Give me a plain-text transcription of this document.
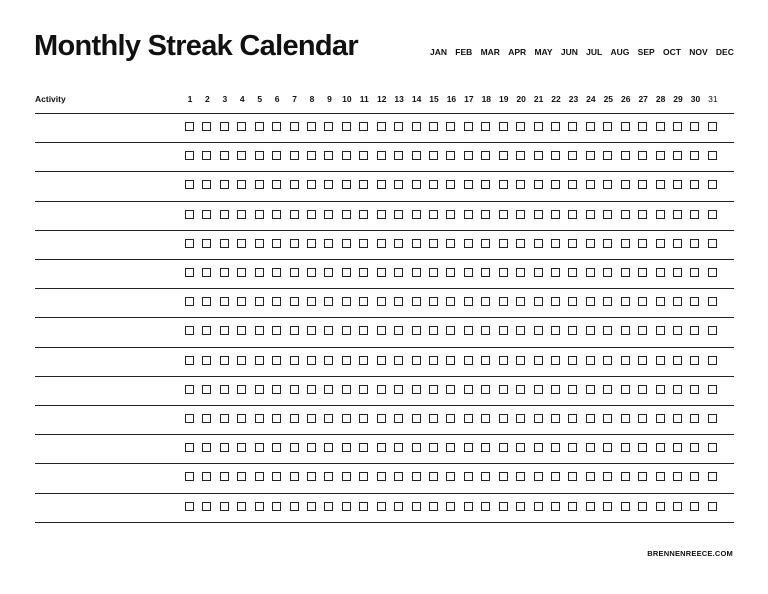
Monthly Streak Calendar	JAN FEB MAR APR MAY JUN JUL AUG SEP OCT NOV DEC
Activity	1	2	3	4	5	6	7	8	9	10 11 12 13 14 15 16 17 18 19 20 21 22 23 24 25 26 27 28 29 30 31
BRENNENREECE.COM
